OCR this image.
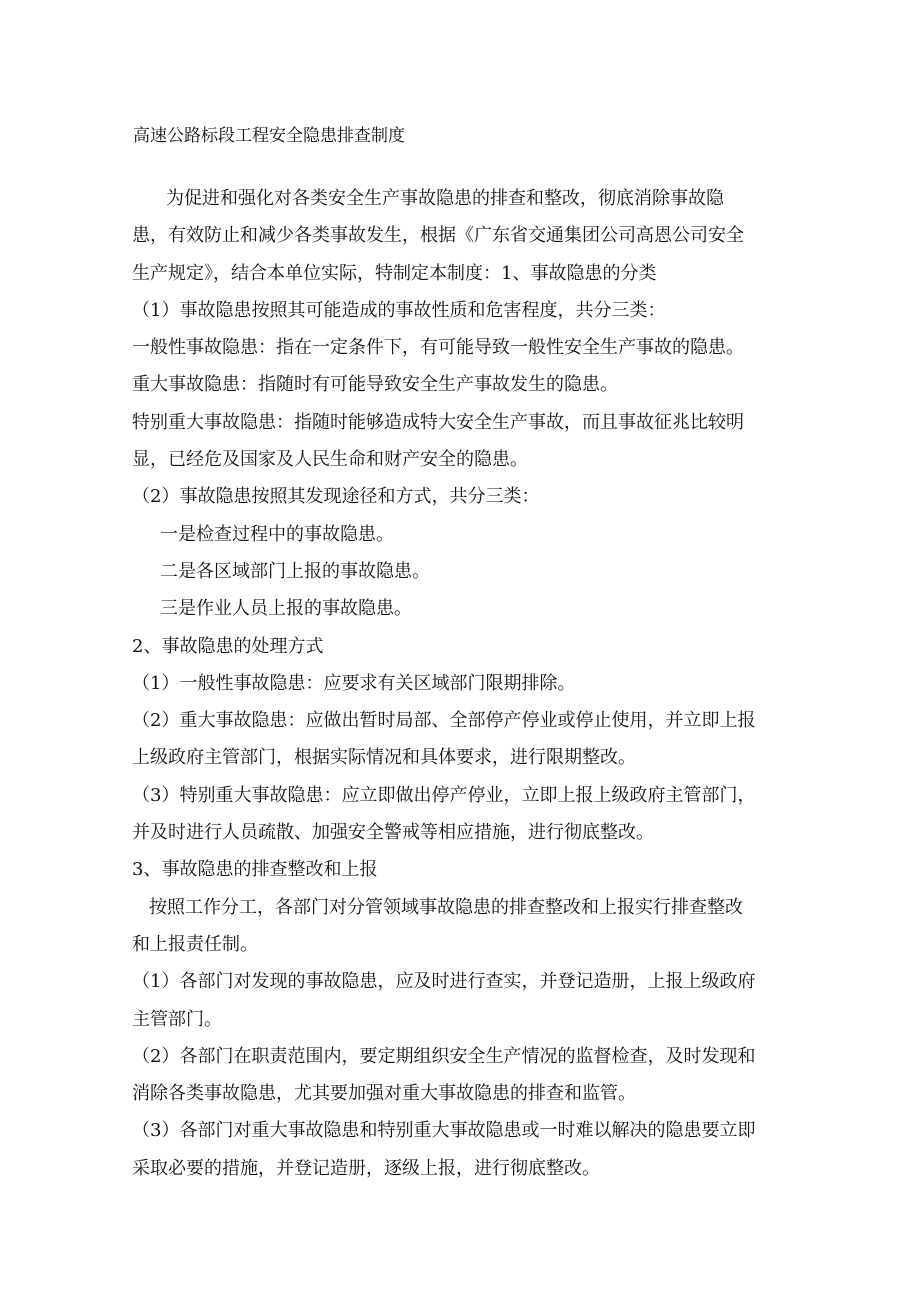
高速公路标段工程安全隐患排查制度
为促进和强化对各类安全生产事故隐患的排查和整改，彻底消除事故隐
患，有效防止和减少各类事故发生，根据《广东省交通集团公司高恩公司安全
生产规定》，结合本单位实际，特制定本制度：1、事故隐患的分类
（1）事故隐患按照其可能造成的事故性质和危害程度，共分三类：
一般性事故隐患：指在一定条件下，有可能导致一般性安全生产事故的隐患。
重大事故隐患：指随时有可能导致安全生产事故发生的隐患。
特别重大事故隐患：指随时能够造成特大安全生产事故，而且事故征兆比较明
显，已经危及国家及人民生命和财产安全的隐患。
（2）事故隐患按照其发现途径和方式，共分三类：
一是检查过程中的事故隐患。
二是各区域部门上报的事故隐患。
三是作业人员上报的事故隐患。
2、事故隐患的处理方式
（1）一般性事故隐患：应要求有关区域部门限期排除。
（2）重大事故隐患：应做出暂时局部、全部停产停业或停止使用，并立即上报
上级政府主管部门，根据实际情况和具体要求，进行限期整改。
（3）特别重大事故隐患：应立即做出停产停业，立即上报上级政府主管部门，
并及时进行人员疏散、加强安全警戒等相应措施，进行彻底整改。
3、事故隐患的排查整改和上报
按照工作分工，各部门对分管领域事故隐患的排查整改和上报实行排查整改
和上报责任制。
（1）各部门对发现的事故隐患，应及时进行查实，并登记造册，上报上级政府
主管部门。
（2）各部门在职责范围内，要定期组织安全生产情况的监督检查，及时发现和
消除各类事故隐患，尤其要加强对重大事故隐患的排查和监管。
（3）各部门对重大事故隐患和特别重大事故隐患或一时难以解决的隐患要立即
采取必要的措施，并登记造册，逐级上报，进行彻底整改。
